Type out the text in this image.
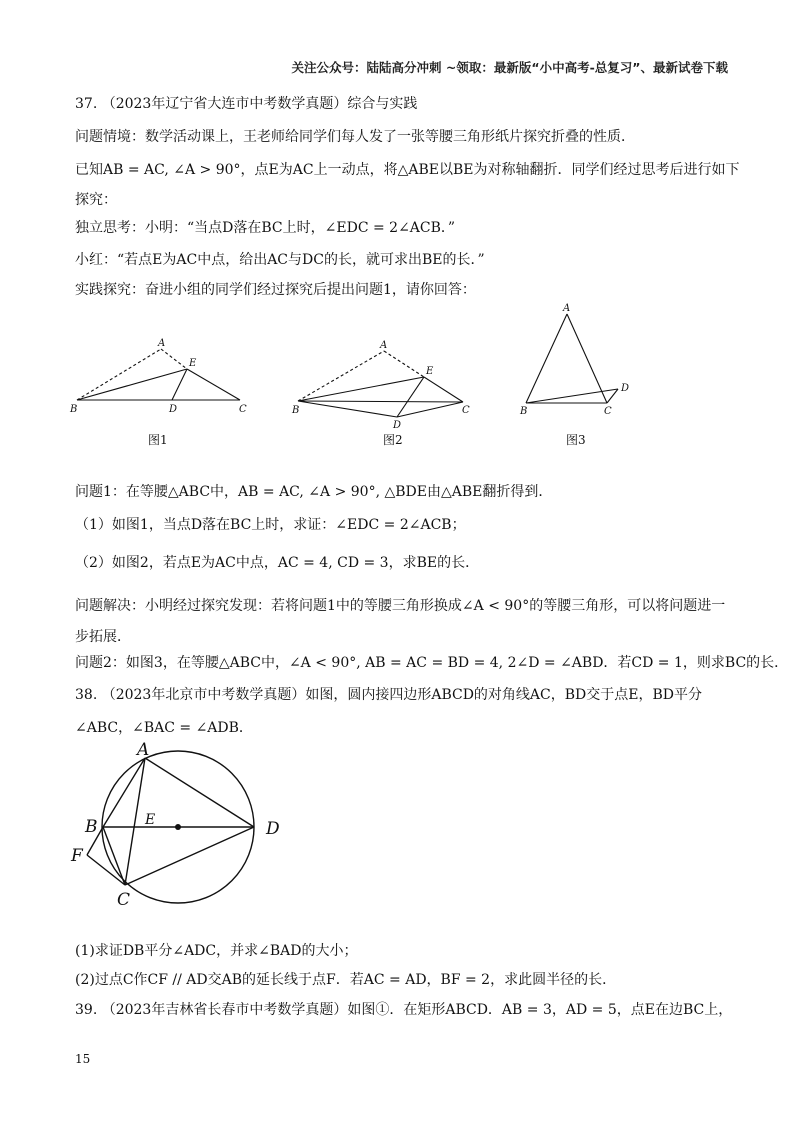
关注公众号：陆陆高分冲刺 ~领取：最新版“小中高考-总复习”、最新试卷下载
37. （2023年辽宁省大连市中考数学真题）综合与实践
问题情境：数学活动课上，王老师给同学们每人发了一张等腰三角形纸片探究折叠的性质．
已知AB = AC, ∠A > 90°，点E为AC上一动点，将△ABE以BE为对称轴翻折．同学们经过思考后进行如下
探究：
独立思考：小明：“当点D落在BC上时，∠EDC = 2∠ACB．”
小红：“若点E为AC中点，给出AC与DC的长，就可求出BE的长．”
实践探究：奋进小组的同学们经过探究后提出问题1，请你回答：
A
E
B	D	C
图1
A
E
B
D
C
图2
A
B	C
D
图3
问题1：在等腰△ABC中，AB = AC, ∠A > 90°, △BDE由△ABE翻折得到．
（1）如图1，当点D落在BC上时，求证：∠EDC = 2∠ACB；
（2）如图2，若点E为AC中点，AC = 4, CD = 3，求BE的长．
问题解决：小明经过探究发现：若将问题1中的等腰三角形换成∠A < 90°的等腰三角形，可以将问题进一
步拓展．
问题2：如图3，在等腰△ABC中，∠A < 90°, AB = AC = BD = 4, 2∠D = ∠ABD．若CD = 1，则求BC的长．
38. （2023年北京市中考数学真题）如图，圆内接四边形ABCD的对角线AC，BD交于点E，BD平分
∠ABC，∠BAC = ∠ADB．
A
B	E	D
F
C
(1)求证DB平分∠ADC，并求∠BAD的大小；
(2)过点C作CF // AD交AB的延长线于点F．若AC = AD，BF = 2，求此圆半径的长．
39. （2023年吉林省长春市中考数学真题）如图①．在矩形ABCD．AB = 3，AD = 5，点E在边BC上，
15
